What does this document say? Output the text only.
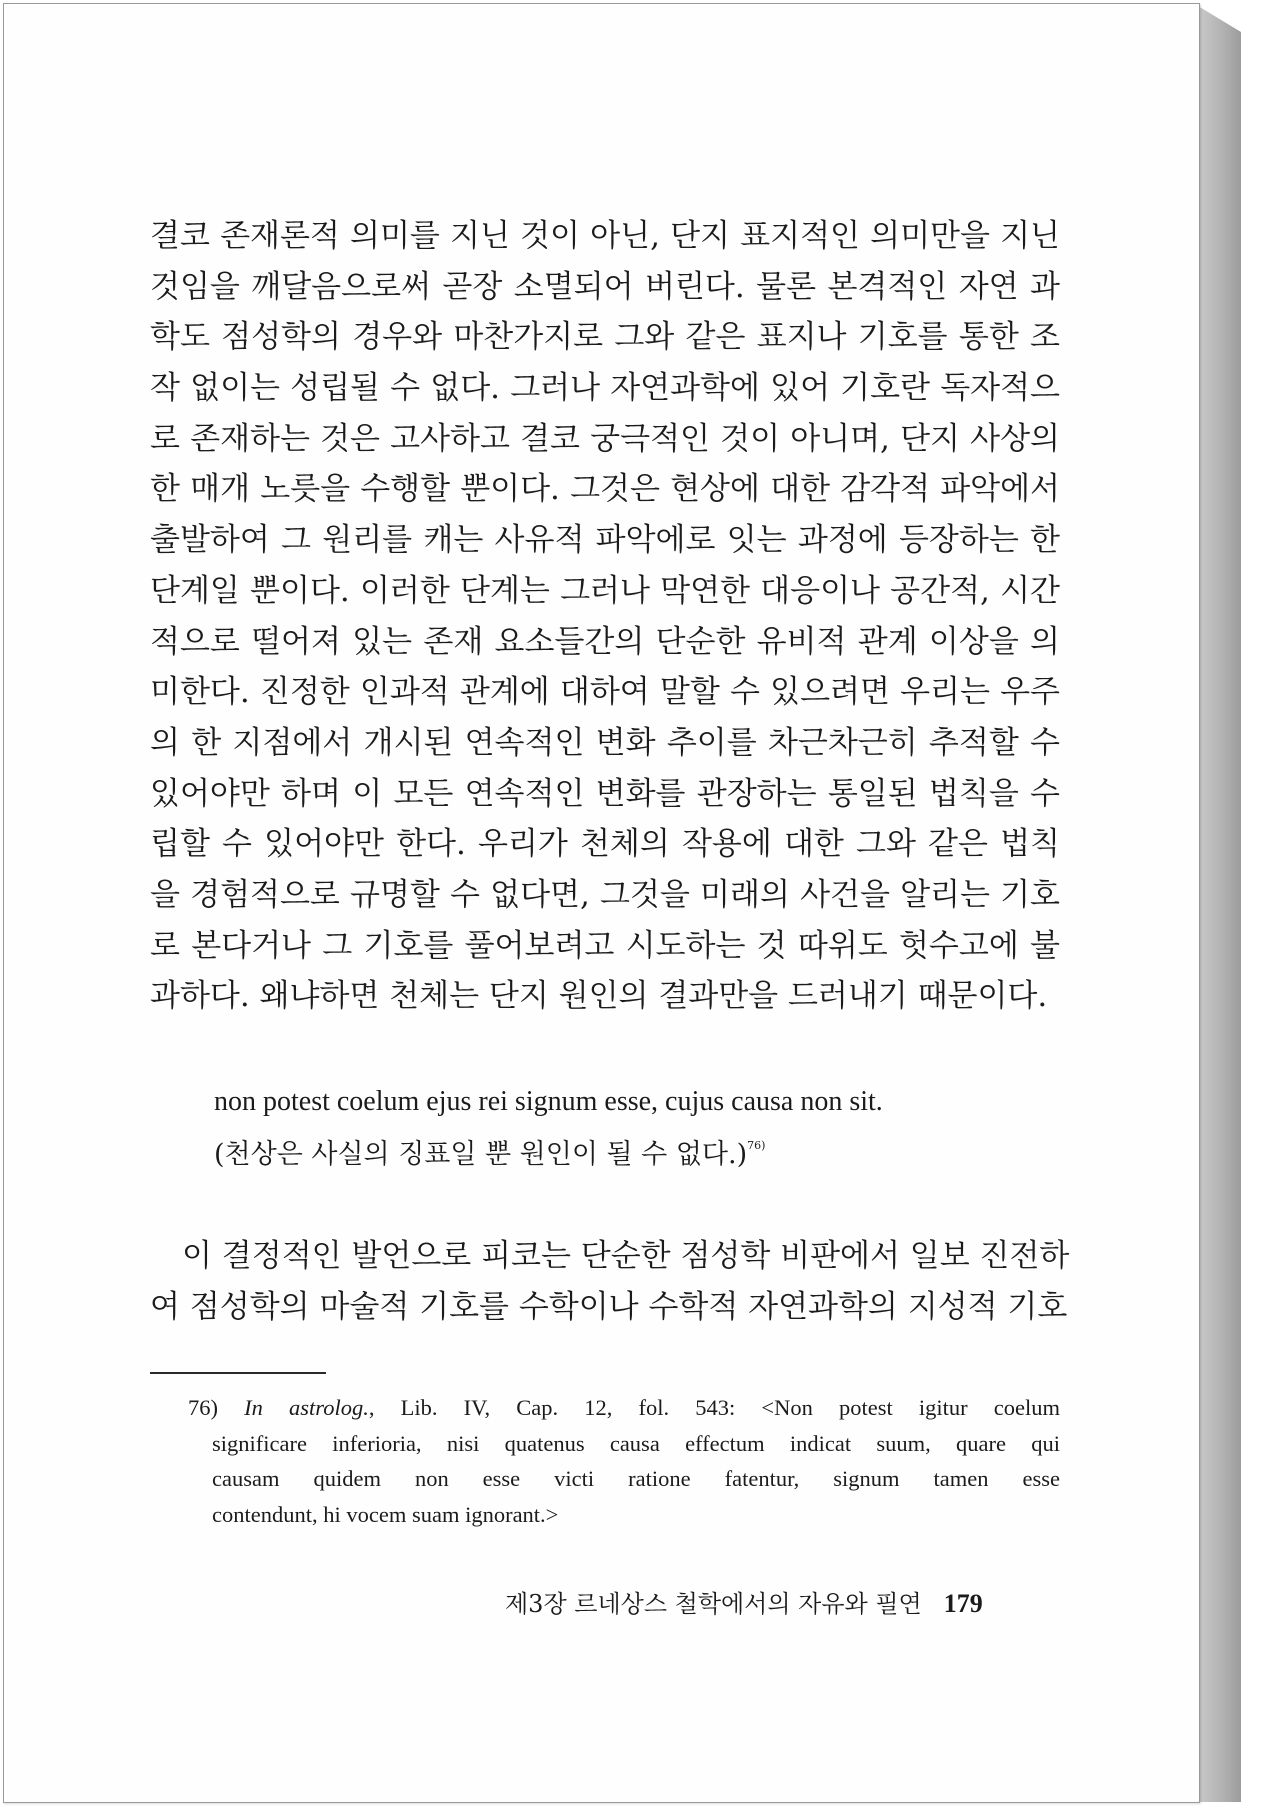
결코 존재론적 의미를 지닌 것이 아닌, 단지 표지적인 의미만을 지닌
것임을 깨달음으로써 곧장 소멸되어 버린다. 물론 본격적인 자연 과
학도 점성학의 경우와 마찬가지로 그와 같은 표지나 기호를 통한 조
작 없이는 성립될 수 없다. 그러나 자연과학에 있어 기호란 독자적으
로 존재하는 것은 고사하고 결코 궁극적인 것이 아니며, 단지 사상의
한 매개 노릇을 수행할 뿐이다. 그것은 현상에 대한 감각적 파악에서
출발하여 그 원리를 캐는 사유적 파악에로 잇는 과정에 등장하는 한
단계일 뿐이다. 이러한 단계는 그러나 막연한 대응이나 공간적, 시간
적으로 떨어져 있는 존재 요소들간의 단순한 유비적 관계 이상을 의
미한다. 진정한 인과적 관계에 대하여 말할 수 있으려면 우리는 우주
의 한 지점에서 개시된 연속적인 변화 추이를 차근차근히 추적할 수
있어야만 하며 이 모든 연속적인 변화를 관장하는 통일된 법칙을 수
립할 수 있어야만 한다. 우리가 천체의 작용에 대한 그와 같은 법칙
을 경험적으로 규명할 수 없다면, 그것을 미래의 사건을 알리는 기호
로 본다거나 그 기호를 풀어보려고 시도하는 것 따위도 헛수고에 불
과하다. 왜냐하면 천체는 단지 원인의 결과만을 드러내기 때문이다.
non potest coelum ejus rei signum esse, cujus causa non sit.
(천상은 사실의 징표일 뿐 원인이 될 수 없다.)$^{76)}$
이 결정적인 발언으로 피코는 단순한 점성학 비판에서 일보 진전하
여 점성학의 마술적 기호를 수학이나 수학적 자연과학의 지성적 기호
76) In astrolog., Lib. IV, Cap. 12, fol. 543: <Non potest igitur coelum
significare inferioria, nisi quatenus causa effectum indicat suum, quare qui
causam quidem non esse victi ratione fatentur, signum tamen esse
contendunt, hi vocem suam ignorant.>
제3장 르네상스 철학에서의 자유와 필연 179
